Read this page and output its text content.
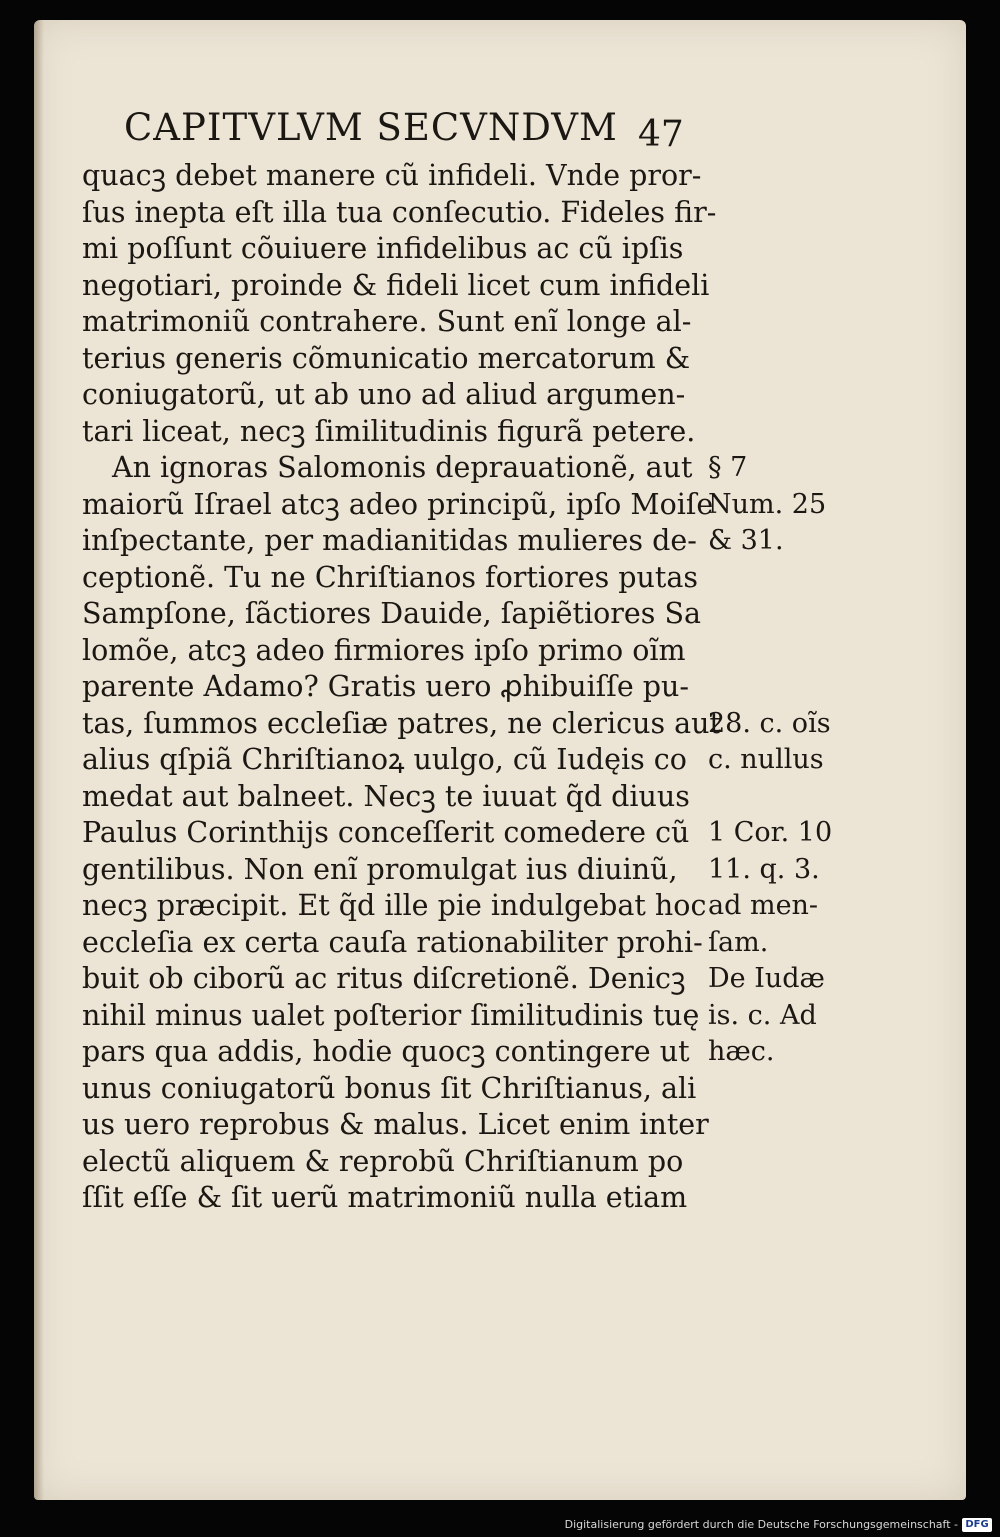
CAPITVLVM SECVNDVM 47
quacꝫ debet manere cũ infideli. Vnde pror-
ſus inepta eſt illa tua conſecutio. Fideles fir-
mi poſſunt cõuiuere infidelibus ac cũ ipſis
negotiari, proinde & fideli licet cum infideli
matrimoniũ contrahere. Sunt enĩ longe al-
terius generis cõmunicatio mercatorum &
coniugatorũ, ut ab uno ad aliud argumen-
tari liceat, necꝫ ſimilitudinis figurã petere.
An ignoras Salomonis deprauationẽ, aut
maiorũ Iſrael atcꝫ adeo principũ, ipſo Moiſe
inſpectante, per madianitidas mulieres de-
ceptionẽ. Tu ne Chriſtianos fortiores putas
Sampſone, ſãctiores Dauide, ſapiẽtiores Sa
lomõe, atcꝫ adeo firmiores ipſo primo oĩm
parente Adamo? Gratis uero ꝓhibuiſſe pu-
tas, ſummos eccleſiæ patres, ne clericus aut
alius qſpiã Chriſtianoꝝ uulgo, cũ Iudęis co
medat aut balneet. Necꝫ te iuuat q̃d diuus
Paulus Corinthijs conceſſerit comedere cũ
gentilibus. Non enĩ promulgat ius diuinũ,
necꝫ præcipit. Et q̃d ille pie indulgebat hoc
eccleſia ex certa cauſa rationabiliter prohi-
buit ob ciborũ ac ritus diſcretionẽ. Denicꝫ
nihil minus ualet poſterior ſimilitudinis tuę
pars qua addis, hodie quocꝫ contingere ut
unus coniugatorũ bonus ſit Chriſtianus, ali
us uero reprobus & malus. Licet enim inter
electũ aliquem & reprobũ Chriſtianum po
ſſit eſſe & ſit uerũ matrimoniũ nulla etiam
§ 7
Num. 25
& 31.
28. c. oĩs
c. nullus
1 Cor. 10
11. q. 3.
ad men-
ſam.
De Iudæ
is. c. Ad
hæc.
Digitalisierung gefördert durch die Deutsche Forschungsgemeinschaft - DFG
